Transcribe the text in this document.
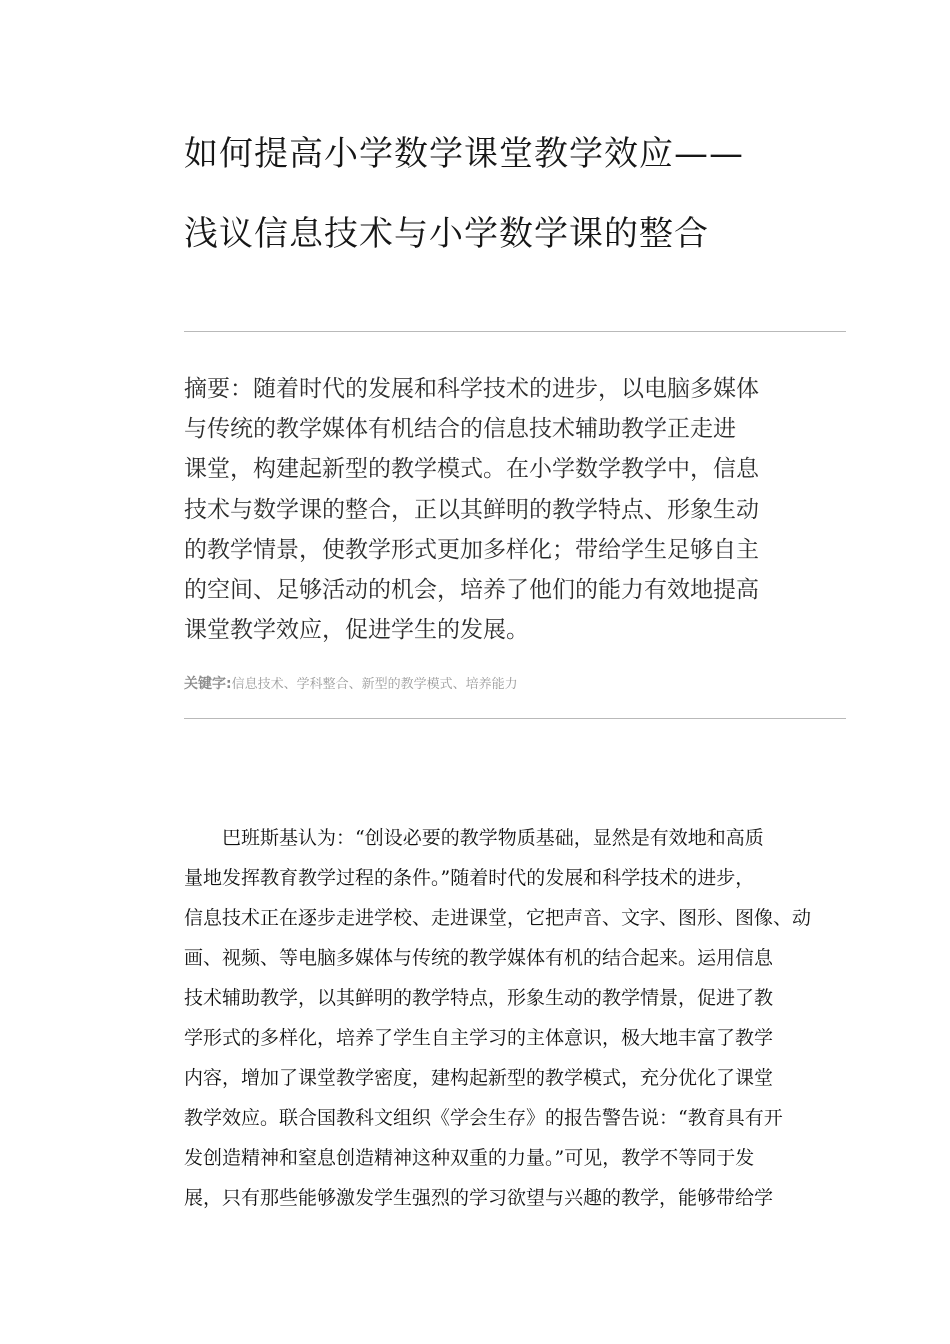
如何提高小学数学课堂教学效应——
浅议信息技术与小学数学课的整合
摘要：随着时代的发展和科学技术的进步，以电脑多媒体
与传统的教学媒体有机结合的信息技术辅助教学正走进
课堂，构建起新型的教学模式。在小学数学教学中，信息
技术与数学课的整合，正以其鲜明的教学特点、形象生动
的教学情景，使教学形式更加多样化；带给学生足够自主
的空间、足够活动的机会，培养了他们的能力有效地提高
课堂教学效应，促进学生的发展。
关键字:信息技术、学科整合、新型的教学模式、培养能力
　　巴班斯基认为：“创设必要的教学物质基础，显然是有效地和高质
量地发挥教育教学过程的条件。”随着时代的发展和科学技术的进步，
信息技术正在逐步走进学校、走进课堂，它把声音、文字、图形、图像、动
画、视频、等电脑多媒体与传统的教学媒体有机的结合起来。运用信息
技术辅助教学，以其鲜明的教学特点，形象生动的教学情景，促进了教
学形式的多样化，培养了学生自主学习的主体意识，极大地丰富了教学
内容，增加了课堂教学密度，建构起新型的教学模式，充分优化了课堂
教学效应。联合国教科文组织《学会生存》的报告警告说：“教育具有开
发创造精神和窒息创造精神这种双重的力量。”可见，教学不等同于发
展，只有那些能够激发学生强烈的学习欲望与兴趣的教学，能够带给学
